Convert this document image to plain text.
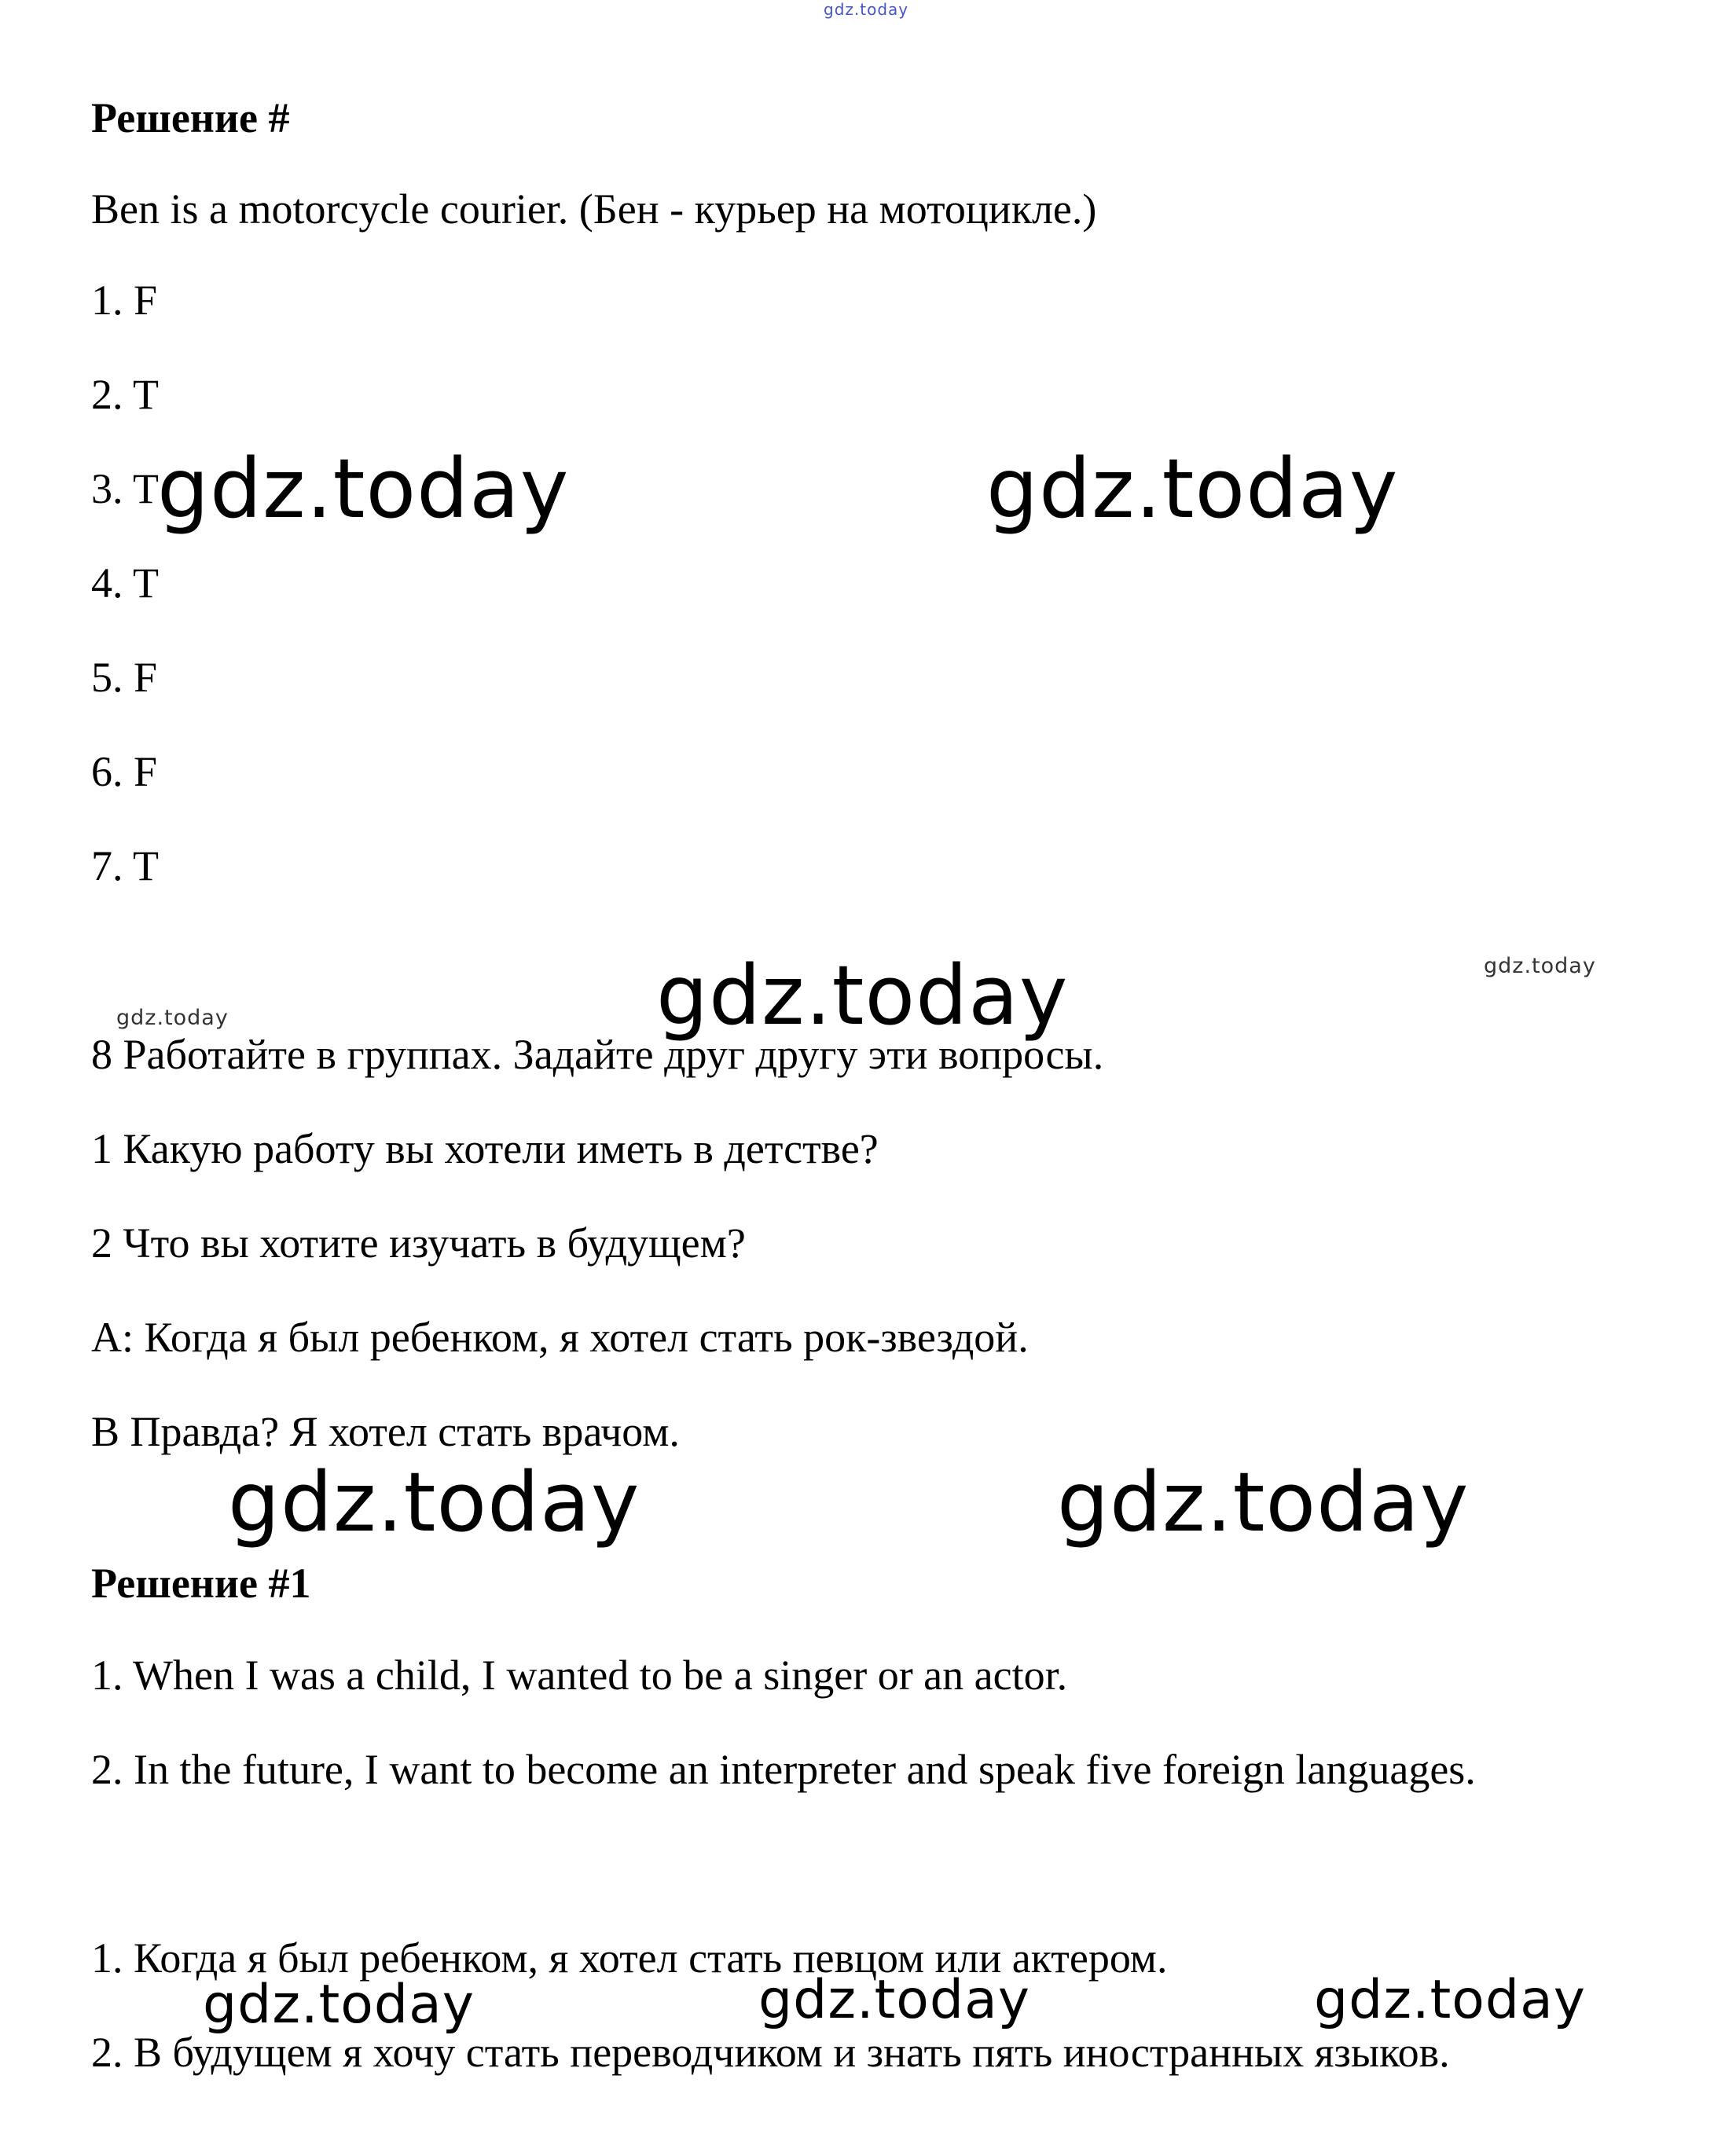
gdz.today

Решение #

Ben is a motorcycle courier. (Бен - курьер на мотоцикле.)

1. F

2. T

3. T

4. T

5. F

6. F

7. T

gdz.today	gdz.today
gdz.today
gdz.today
gdz.today

8 Работайте в группах. Задайте друг другу эти вопросы.

1 Какую работу вы хотели иметь в детстве?

2 Что вы хотите изучать в будущем?

A: Когда я был ребенком, я хотел стать рок-звездой.

B Правда? Я хотел стать врачом.

gdz.today	gdz.today

Решение #1

1. When I was a child, I wanted to be a singer or an actor.

2. In the future, I want to become an interpreter and speak five foreign languages.

1. Когда я был ребенком, я хотел стать певцом или актером.

2. В будущем я хочу стать переводчиком и знать пять иностранных языков.

gdz.today	gdz.today	gdz.today
